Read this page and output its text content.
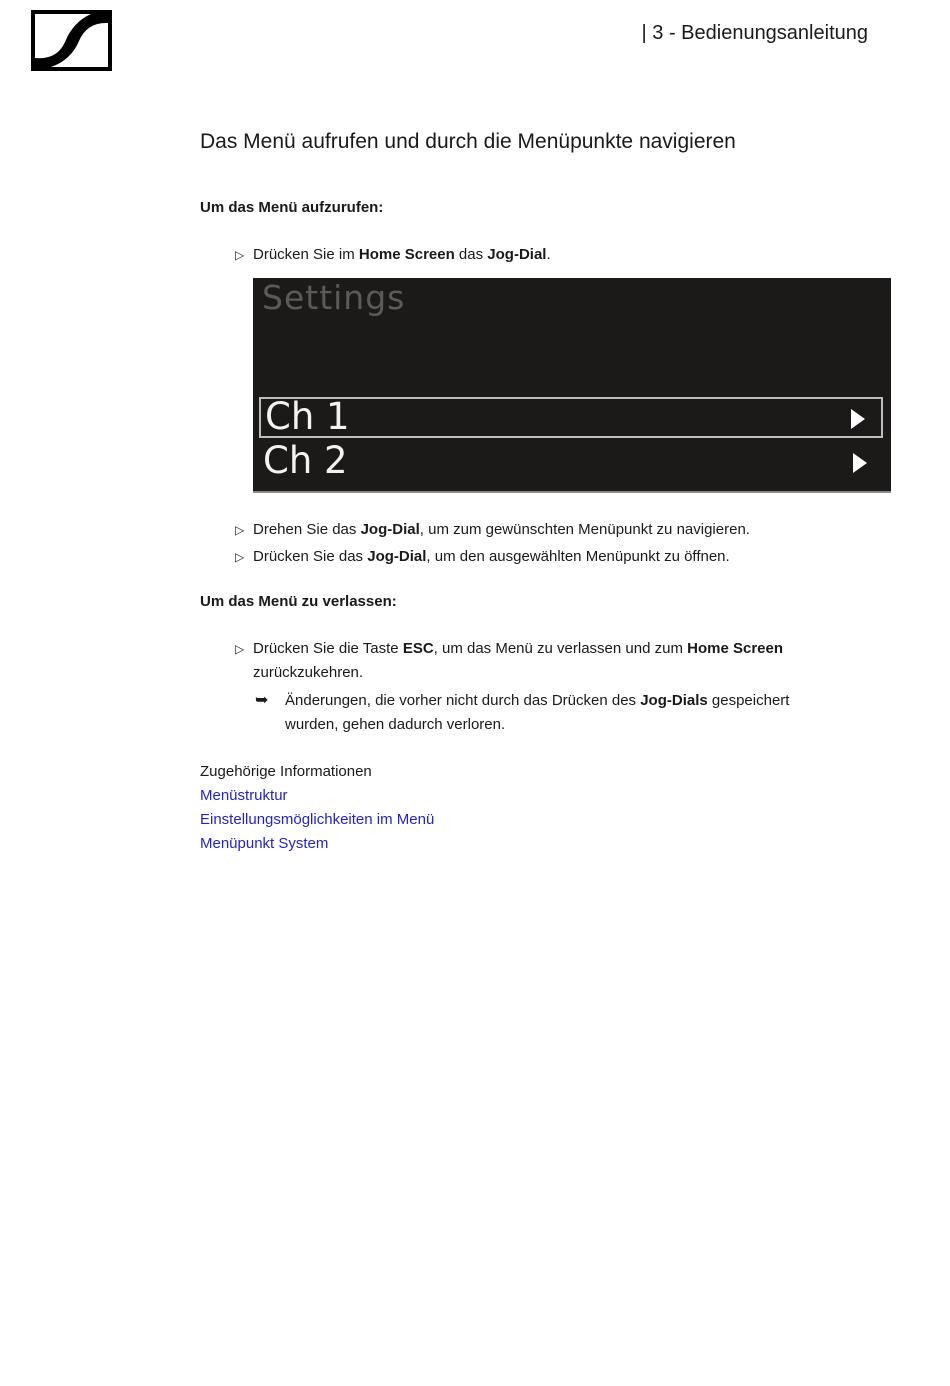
| 3 - Bedienungsanleitung
Das Menü aufrufen und durch die Menüpunkte navigieren
Um das Menü aufzurufen:
▷ Drücken Sie im Home Screen das Jog-Dial.
Settings
Ch 1
Ch 2
▷ Drehen Sie das Jog-Dial, um zum gewünschten Menüpunkt zu navigieren.
▷ Drücken Sie das Jog-Dial, um den ausgewählten Menüpunkt zu öffnen.
Um das Menü zu verlassen:
▷ Drücken Sie die Taste ESC, um das Menü zu verlassen und zum Home Screen zurückzukehren.
➥	Änderungen, die vorher nicht durch das Drücken des Jog-Dials gespeichert wurden, gehen dadurch verloren.
Zugehörige Informationen
Menüstruktur
Einstellungsmöglichkeiten im Menü
Menüpunkt System
